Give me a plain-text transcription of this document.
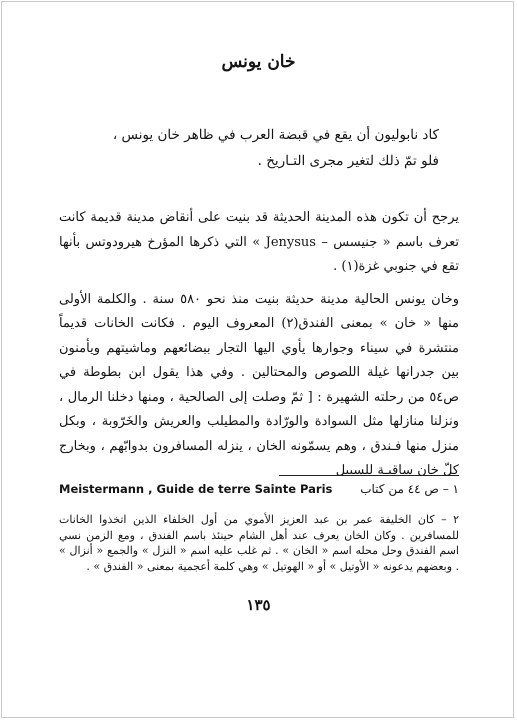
خان يونس
كاد نابوليون أن يقع في قبضة العرب في ظاهر خان يونس ، فلو تمّ ذلك لتغير مجرى التـاريخ .

يرجح أن تكون هذه المدينة الحديثة قد بنيت على أنقاض مدينة قديمة كانت تعرف باسم « جنيسس – Jenysus » التي ذكرها المؤرخ هيرودوتس بأنها تقع في جنوبي غزة(١) .

وخان يونس الحالية مدينة حديثة بنيت منذ نحو ٥٨٠ سنة . والكلمة الأولى منها « خان » بمعنى الفندق(٢) المعروف اليوم . فكانت الخانات قديماً منتشرة في سيناء وجوارها يأوي اليها التجار ببضائعهم وماشيتهم ويأمنون بين جدرانها غيلة اللصوص والمحتالين . وفي هذا يقول ابن بطوطة في ص٥٤ من رحلته الشهيرة : [ ثمّ وصلت إلى الصالحية ، ومنها دخلنا الرمال ، ونزلنا منازلها مثل السوادة والورّادة والمطيلب والعريش والخَرّوبة ، وبكل منزل منها فـندق ، وهم يسمّونه الخان ، ينزله المسافرون بدوابّهم ، وبخارج كلّ خان ساقيـة للسبيل

١ – ص ٤٤ من كتاب
Meistermann , Guide de terre Sainte Paris
٢ – كان الخليفة عمر بن عبد العزيز الأموي من أول الخلفاء الذين اتخذوا الخانات للمسافرين . وكان الخان يعرف عند أهل الشام حينئذ باسم الفندق ، ومع الزمن نسي اسم الفندق وحل محله اسم « الخان » . ثم غلب عليه اسم « النزل » والجمع « أنزال » . وبعضهم يدعونه « الأوتيل » أو « الهوتيل » وهي كلمة أعجمية بمعنى « الفندق » .
١٣٥
